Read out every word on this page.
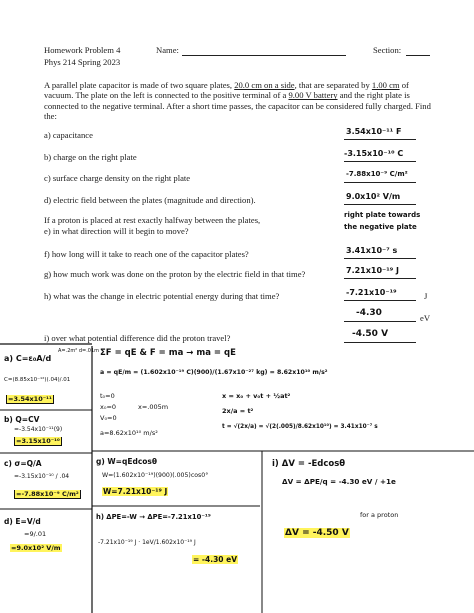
Homework Problem 4
Phys 214 Spring 2023
Name:	Section:
A parallel plate capacitor is made of two square plates, 20.0 cm on a side, that are separated by 1.00 cm of vacuum. The plate on the left is connected to the positive terminal of a 9.00 V battery and the right plate is connected to the negative terminal. After a short time passes, the capacitor can be considered fully charged. Find the:
a) capacitance	3.54x10⁻¹¹ F
b) charge on the right plate	-3.15x10⁻¹⁰ C
c) surface charge density on the right plate	-7.88x10⁻⁹ C/m²
d) electric field between the plates (magnitude and direction).	9.0x10² V/m
If a proton is placed at rest exactly halfway between the plates,
e) in what direction will it begin to move?
right plate towards
the negative plate
f) how long will it take to reach one of the capacitor plates?	3.41x10⁻⁷ s
g) how much work was done on the proton by the electric field in that time?	7.21x10⁻¹⁹ J
h) what was the change in electric potential energy during that time?	-7.21x10⁻¹⁹	J
-4.30	eV
i) over what potential difference did the proton travel?	-4.50 V
a) C=ε₀A/d
A=.2m² d=.01m
C=(8.85x10⁻¹²)(.04)/.01
=3.54x10⁻¹¹
b) Q=CV
=-3.54x10⁻¹¹(9)
=3.15x10⁻¹⁰
c) σ=Q/A
=-3.15x10⁻¹⁰ / .04
=-7.88x10⁻⁹ C/m²
d) E=V/d
=9/.01
=9.0x10² V/m
ΣF = qE & F = ma → ma = qE
a = qE/m = (1.602x10⁻¹⁹ C)(900)/(1.67x10⁻²⁷ kg) = 8.62x10¹⁰ m/s²
t₀=0
x₀=0
V₀=0
x=.005m
a=8.62x10¹⁰ m/s²
x = x₀ + v₀t + ½at²
2x/a = t²
t = √(2x/a) = √(2(.005)/8.62x10¹⁰) = 3.41x10⁻⁷ s
g) W=qEdcosθ
W=(1.602x10⁻¹⁹)(900)(.005)cos0°
W=7.21x10⁻¹⁹ J
h) ΔPE=-W → ΔPE=-7.21x10⁻¹⁹
-7.21x10⁻¹⁹ J · 1eV/1.602x10⁻¹⁹ J
= -4.30 eV
i) ΔV = -Edcosθ
ΔV = ΔPE/q = -4.30 eV / +1e
for a proton
ΔV = -4.50 V
